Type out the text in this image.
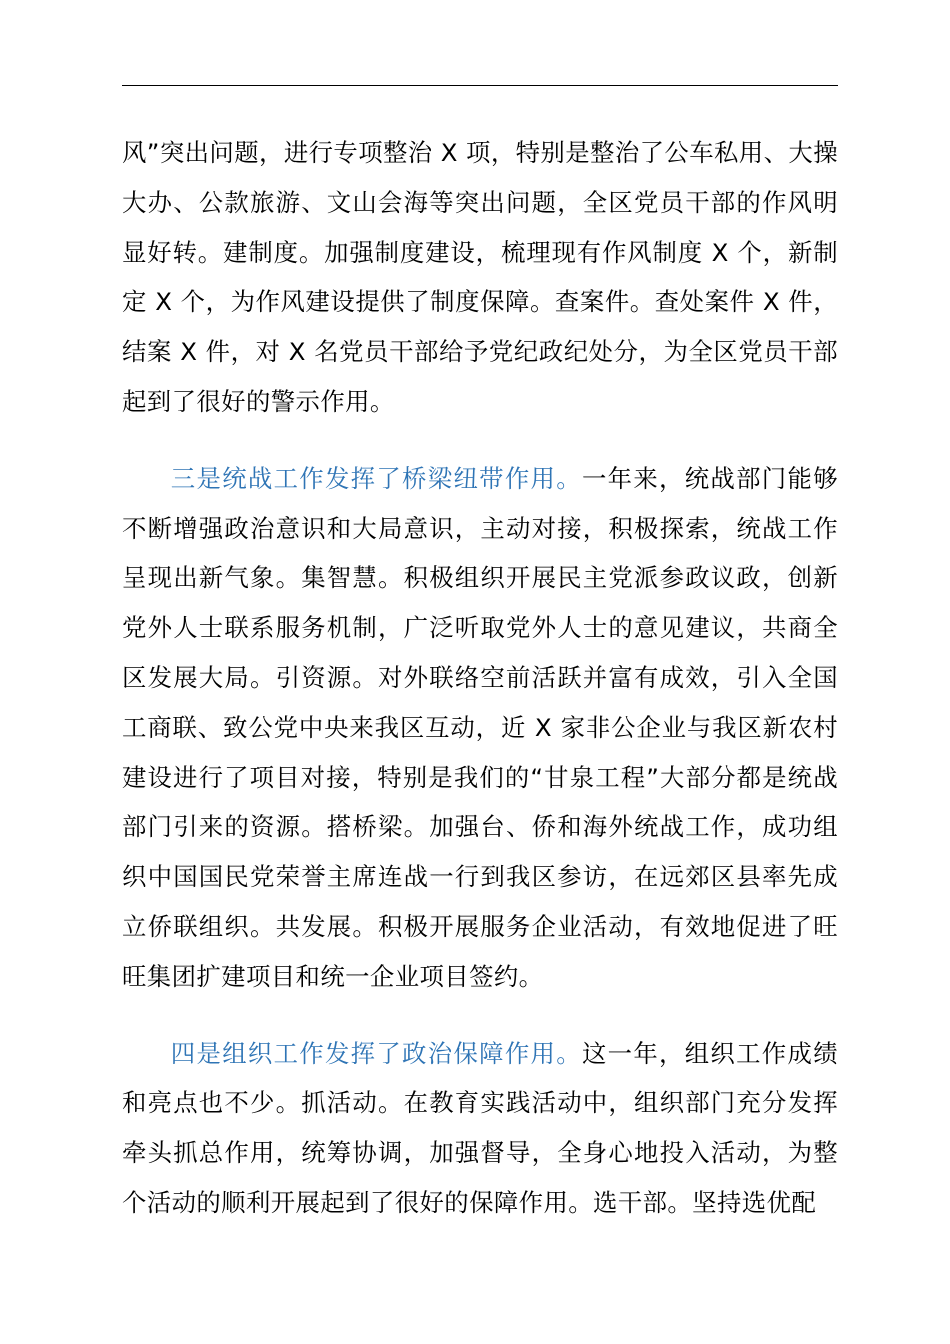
风”突出问题，进行专项整治 X 项，特别是整治了公车私用、大操大办、公款旅游、文山会海等突出问题，全区党员干部的作风明显好转。建制度。加强制度建设，梳理现有作风制度 X 个，新制定 X 个，为作风建设提供了制度保障。查案件。查处案件 X 件，结案 X 件，对 X 名党员干部给予党纪政纪处分，为全区党员干部起到了很好的警示作用。

三是统战工作发挥了桥梁纽带作用。一年来，统战部门能够不断增强政治意识和大局意识，主动对接，积极探索，统战工作呈现出新气象。集智慧。积极组织开展民主党派参政议政，创新党外人士联系服务机制，广泛听取党外人士的意见建议，共商全区发展大局。引资源。对外联络空前活跃并富有成效，引入全国工商联、致公党中央来我区互动，近 X 家非公企业与我区新农村建设进行了项目对接，特别是我们的“甘泉工程”大部分都是统战部门引来的资源。搭桥梁。加强台、侨和海外统战工作，成功组织中国国民党荣誉主席连战一行到我区参访，在远郊区县率先成立侨联组织。共发展。积极开展服务企业活动，有效地促进了旺旺集团扩建项目和统一企业项目签约。

四是组织工作发挥了政治保障作用。这一年，组织工作成绩和亮点也不少。抓活动。在教育实践活动中，组织部门充分发挥牵头抓总作用，统筹协调，加强督导，全身心地投入活动，为整个活动的顺利开展起到了很好的保障作用。选干部。坚持选优配
